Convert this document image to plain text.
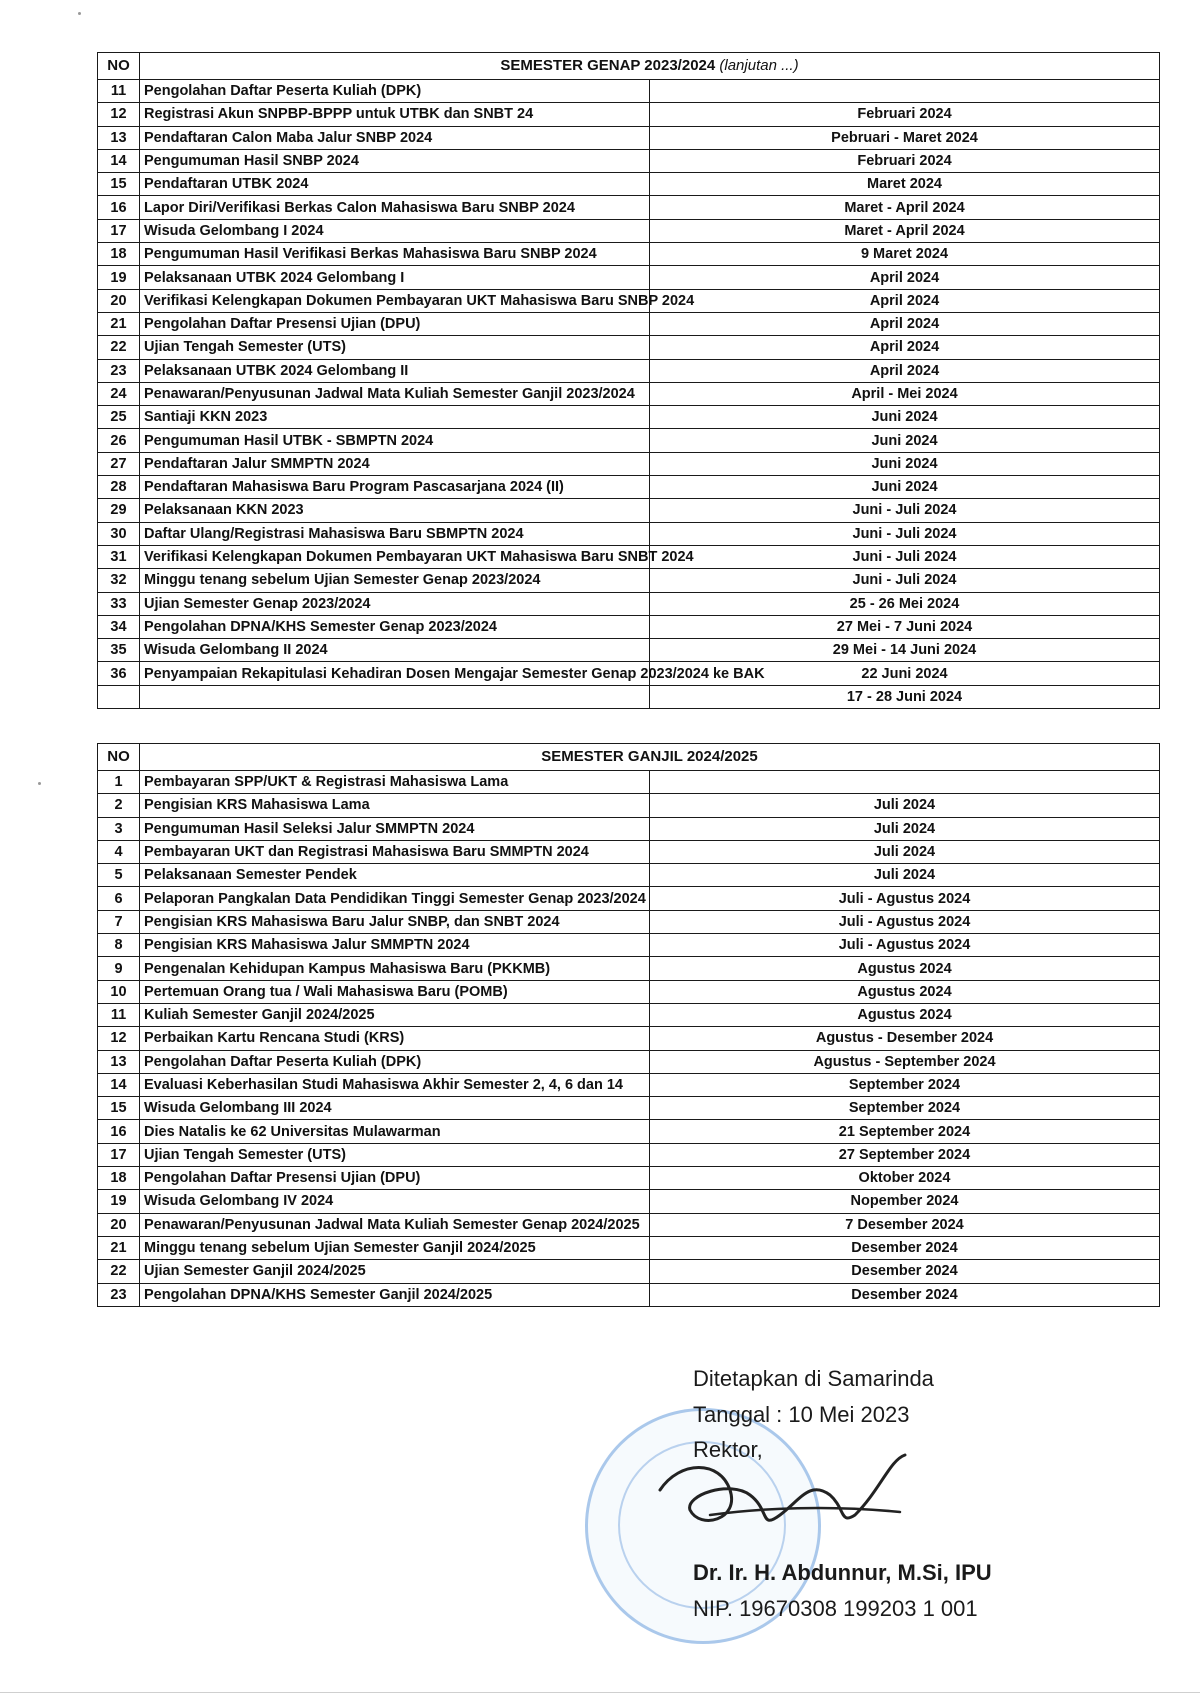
NO	SEMESTER GENAP 2023/2024 (lanjutan ...)	
11	Pengolahan Daftar Peserta Kuliah (DPK)	
12	Registrasi Akun SNPBP-BPPP untuk UTBK dan SNBT 24	Februari 2024
13	Pendaftaran Calon Maba Jalur SNBP 2024	Pebruari - Maret 2024
14	Pengumuman Hasil SNBP 2024	Februari 2024
15	Pendaftaran UTBK 2024	Maret 2024
16	Lapor Diri/Verifikasi Berkas Calon Mahasiswa Baru SNBP 2024	Maret - April 2024
17	Wisuda Gelombang I 2024	Maret - April 2024
18	Pengumuman Hasil Verifikasi Berkas Mahasiswa Baru SNBP 2024	9 Maret 2024
19	Pelaksanaan UTBK 2024 Gelombang I	April 2024
20	Verifikasi Kelengkapan Dokumen Pembayaran UKT Mahasiswa Baru SNBP 2024	April 2024
21	Pengolahan Daftar Presensi Ujian (DPU)	April 2024
22	Ujian Tengah Semester (UTS)	April 2024
23	Pelaksanaan UTBK 2024 Gelombang II	April 2024
24	Penawaran/Penyusunan Jadwal Mata Kuliah Semester Ganjil 2023/2024	April - Mei 2024
25	Santiaji KKN 2023	Juni 2024
26	Pengumuman Hasil UTBK - SBMPTN 2024	Juni 2024
27	Pendaftaran Jalur SMMPTN 2024	Juni 2024
28	Pendaftaran Mahasiswa Baru Program Pascasarjana 2024 (II)	Juni 2024
29	Pelaksanaan KKN 2023	Juni - Juli 2024
30	Daftar Ulang/Registrasi Mahasiswa Baru SBMPTN 2024	Juni - Juli 2024
31	Verifikasi Kelengkapan Dokumen Pembayaran UKT Mahasiswa Baru SNBT 2024	Juni - Juli 2024
32	Minggu tenang sebelum Ujian Semester Genap 2023/2024	Juni - Juli 2024
33	Ujian Semester Genap 2023/2024	25 - 26 Mei 2024
34	Pengolahan DPNA/KHS Semester Genap 2023/2024	27 Mei - 7 Juni 2024
35	Wisuda Gelombang II 2024	29 Mei - 14 Juni 2024
36	Penyampaian Rekapitulasi Kehadiran Dosen Mengajar Semester Genap 2023/2024 ke BAK	22 Juni 2024
		17 - 28 Juni 2024
NO	SEMESTER GANJIL 2024/2025	
1	Pembayaran SPP/UKT & Registrasi Mahasiswa Lama	
2	Pengisian KRS Mahasiswa Lama	Juli 2024
3	Pengumuman Hasil Seleksi Jalur SMMPTN 2024	Juli 2024
4	Pembayaran UKT dan Registrasi Mahasiswa Baru SMMPTN 2024	Juli 2024
5	Pelaksanaan Semester Pendek	Juli 2024
6	Pelaporan Pangkalan Data Pendidikan Tinggi Semester Genap 2023/2024	Juli - Agustus 2024
7	Pengisian KRS Mahasiswa Baru Jalur SNBP, dan SNBT 2024	Juli - Agustus 2024
8	Pengisian KRS Mahasiswa Jalur SMMPTN 2024	Juli - Agustus 2024
9	Pengenalan Kehidupan Kampus Mahasiswa Baru (PKKMB)	Agustus 2024
10	Pertemuan Orang tua / Wali Mahasiswa Baru (POMB)	Agustus 2024
11	Kuliah Semester Ganjil 2024/2025	Agustus 2024
12	Perbaikan Kartu Rencana Studi (KRS)	Agustus - Desember 2024
13	Pengolahan Daftar Peserta Kuliah (DPK)	Agustus - September 2024
14	Evaluasi Keberhasilan Studi Mahasiswa Akhir Semester 2, 4, 6 dan 14	September 2024
15	Wisuda Gelombang III 2024	September 2024
16	Dies Natalis ke 62 Universitas Mulawarman	21 September 2024
17	Ujian Tengah Semester (UTS)	27 September 2024
18	Pengolahan Daftar Presensi Ujian (DPU)	Oktober 2024
19	Wisuda Gelombang IV 2024	Nopember 2024
20	Penawaran/Penyusunan Jadwal Mata Kuliah Semester Genap 2024/2025	7 Desember 2024
21	Minggu tenang sebelum Ujian Semester Ganjil 2024/2025	Desember 2024
22	Ujian Semester Ganjil 2024/2025	Desember 2024
23	Pengolahan DPNA/KHS Semester Ganjil 2024/2025	Desember 2024
Ditetapkan di Samarinda
Tanggal : 10 Mei 2023
Rektor,
Dr. Ir. H. Abdunnur, M.Si, IPU
NIP. 19670308 199203 1 001
